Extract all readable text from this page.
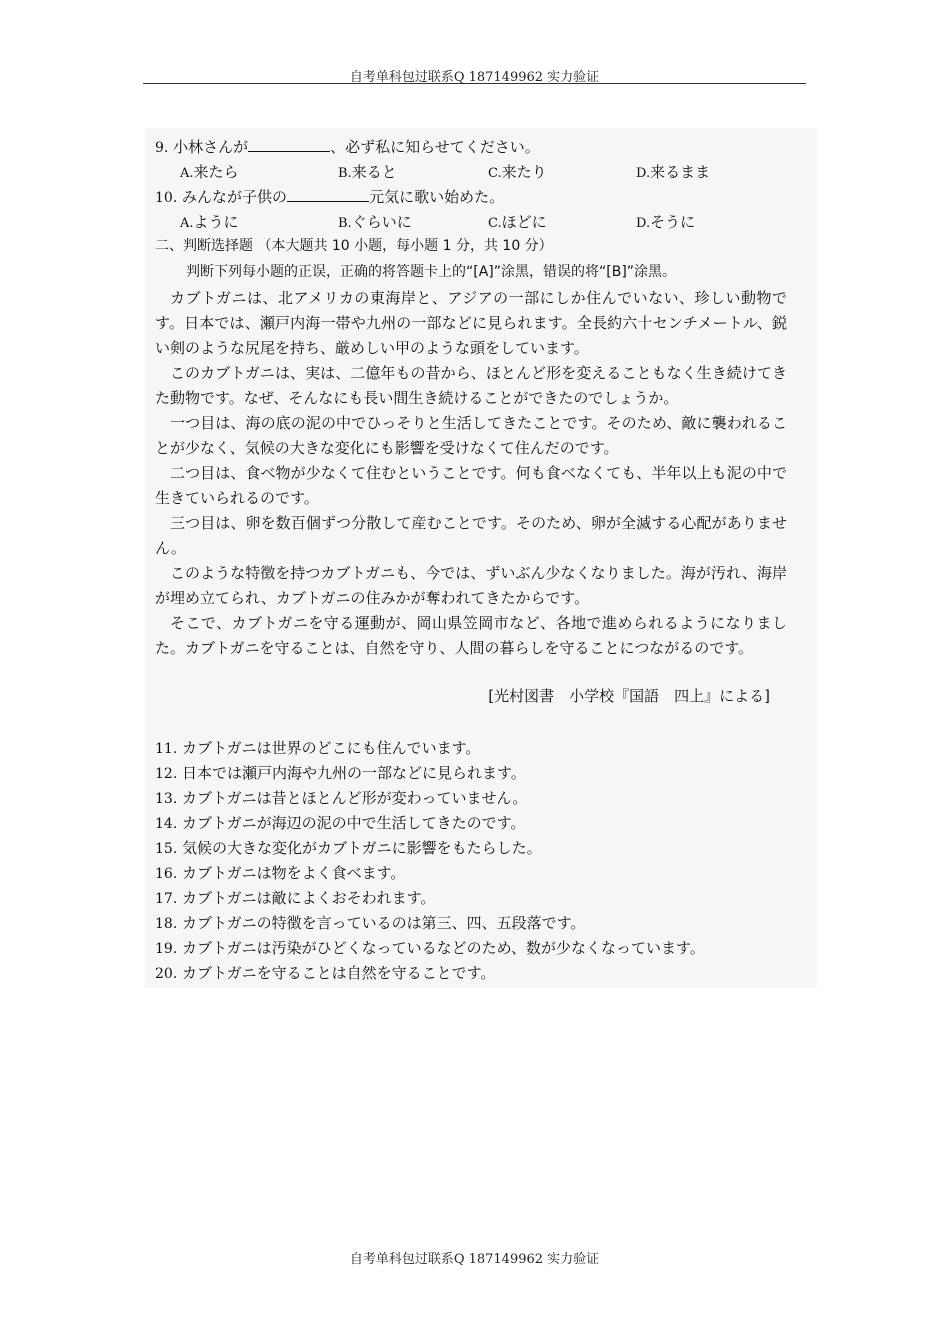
自考单科包过联系Q 187149962 实力验证
9. 小林さんが	、必ず私に知らせてください。
A.来たら	B.来ると	C.来たり	D.来るまま
10. みんなが子供の	元気に歌い始めた。
A.ように	B.ぐらいに	C.ほどに	D.そうに
二、判断选择题 （本大题共 10 小题，每小题 1 分，共 10 分）
判断下列每小题的正误，正确的将答题卡上的“[A]”涂黑，错误的将“[B]”涂黑。
カブトガニは、北アメリカの東海岸と、アジアの一部にしか住んでいない、珍しい動物です。日本では、瀬戸内海一帯や九州の一部などに見られます。全長約六十センチメートル、鋭い剣のような尻尾を持ち、厳めしい甲のような頭をしています。
このカブトガニは、実は、二億年もの昔から、ほとんど形を変えることもなく生き続けてきた動物です。なぜ、そんなにも長い間生き続けることができたのでしょうか。
一つ目は、海の底の泥の中でひっそりと生活してきたことです。そのため、敵に襲われることが少なく、気候の大きな変化にも影響を受けなくて住んだのです。
二つ目は、食べ物が少なくて住むということです。何も食べなくても、半年以上も泥の中で生きていられるのです。
三つ目は、卵を数百個ずつ分散して産むことです。そのため、卵が全滅する心配がありません。
このような特徴を持つカブトガニも、今では、ずいぶん少なくなりました。海が汚れ、海岸が埋め立てられ、カブトガニの住みかが奪われてきたからです。
そこで、カブトガニを守る運動が、岡山県笠岡市など、各地で進められるようになりました。カブトガニを守ることは、自然を守り、人間の暮らしを守ることにつながるのです。
[光村図書　小学校『国語　四上』による]
11. カブトガニは世界のどこにも住んでいます。
12. 日本では瀬戸内海や九州の一部などに見られます。
13. カブトガニは昔とほとんど形が変わっていません。
14. カブトガニが海辺の泥の中で生活してきたのです。
15. 気候の大きな変化がカブトガニに影響をもたらした。
16. カブトガニは物をよく食べます。
17. カブトガニは敵によくおそわれます。
18. カブトガニの特徴を言っているのは第三、四、五段落です。
19. カブトガニは汚染がひどくなっているなどのため、数が少なくなっています。
20. カブトガニを守ることは自然を守ることです。
自考单科包过联系Q 187149962 实力验证
